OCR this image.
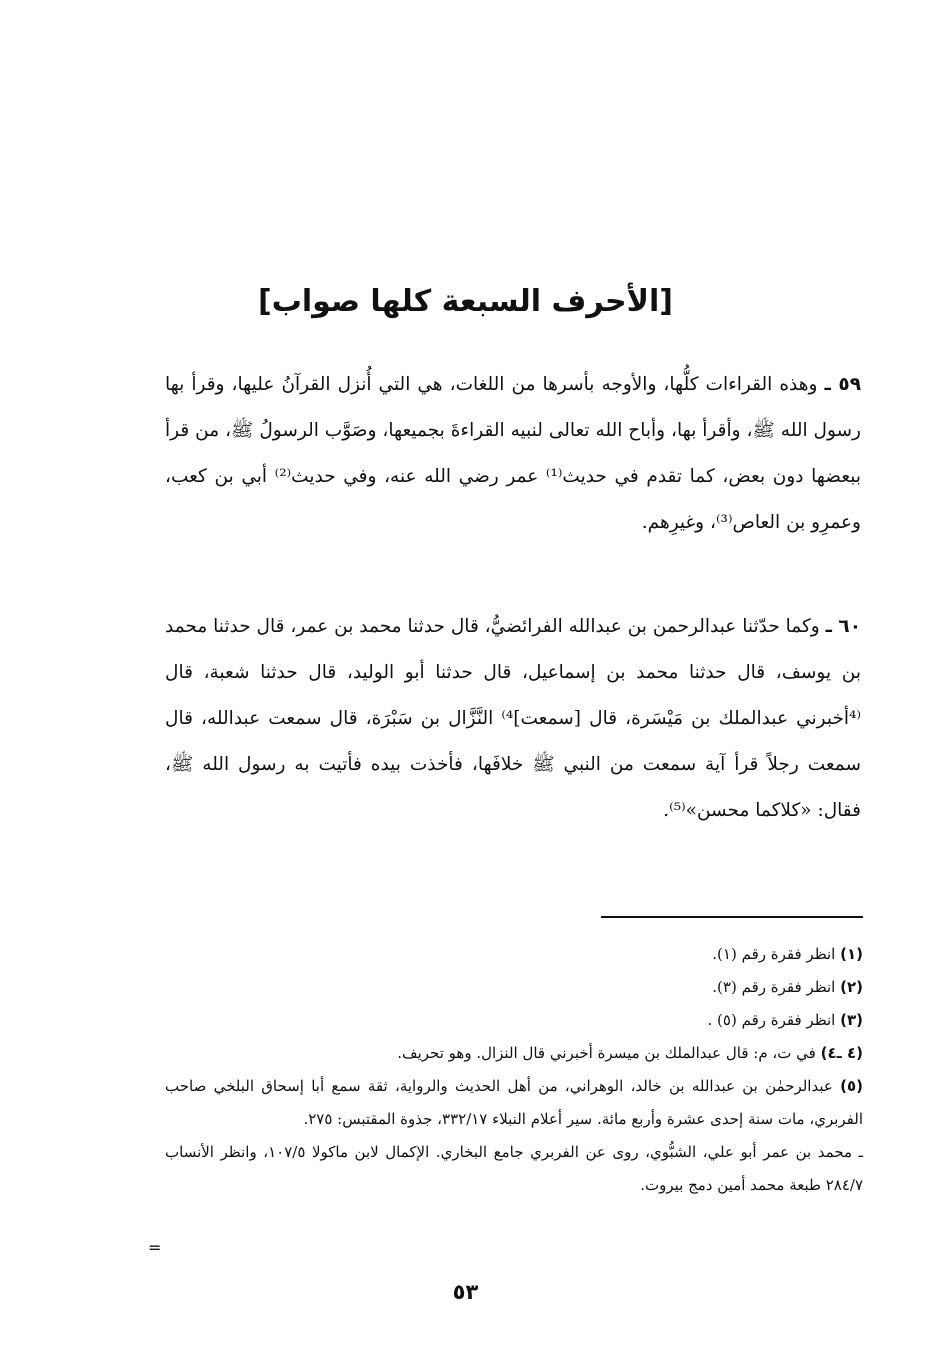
[الأحرف السبعة كلها صواب]

٥٩ ـ وهذه القراءات كلُّها، والأوجه بأسرها من اللغات، هي التي أُنزل القرآنُ عليها، وقرأ بها رسول الله ﷺ، وأقرأ بها، وأباح الله تعالى لنبيه القراءةَ بجميعها، وصَوَّب الرسولُ ﷺ، من قرأ ببعضها دون بعض، كما تقدم في حديث⁽¹⁾ عمر رضي الله عنه، وفي حديث⁽²⁾ أبي بن كعب، وعمرِو بن العاص⁽³⁾، وغيرِهم.

٦٠ ـ وكما حدّثنا عبدالرحمن بن عبدالله الفرائضيُّ، قال حدثنا محمد بن عمر، قال حدثنا محمد بن يوسف، قال حدثنا محمد بن إسماعيل، قال حدثنا أبو الوليد، قال حدثنا شعبة، قال ⁽⁴أخبرني عبدالملك بن مَيْسَرة، قال [سمعت]⁴⁾ النَّزَّال بن سَبْرَة، قال سمعت عبدالله، قال سمعت رجلاً قرأ آية سمعت من النبي ﷺ خلافَها، فأخذت بيده فأتيت به رسول الله ﷺ، فقال: «كلاكما محسن»⁽⁵⁾.

(١) انظر فقرة رقم (١).

(٢) انظر فقرة رقم (٣).

(٣) انظر فقرة رقم (٥) .

(٤ ـ٤) في ت، م: قال عبدالملك بن ميسرة أخبرني قال النزال. وهو تحريف.

(٥) عبدالرحمٰن بن عبدالله بن خالد، الوهراني، من أهل الحديث والرواية، ثقة سمع أبا إسحاق البلخي صاحب الفربري، مات سنة إحدى عشرة وأربع مائة. سير أعلام النبلاء ٣٣٢/١٧، جذوة المقتبس: ٢٧٥.

ـ محمد بن عمر أبو علي، الشبُّوي، روى عن الفربري جامع البخاري. الإكمال لابن ماكولا ١٠٧/٥، وانظر الأنساب ٢٨٤/٧ طبعة محمد أمين دمج بيروت.

=
٥٣
